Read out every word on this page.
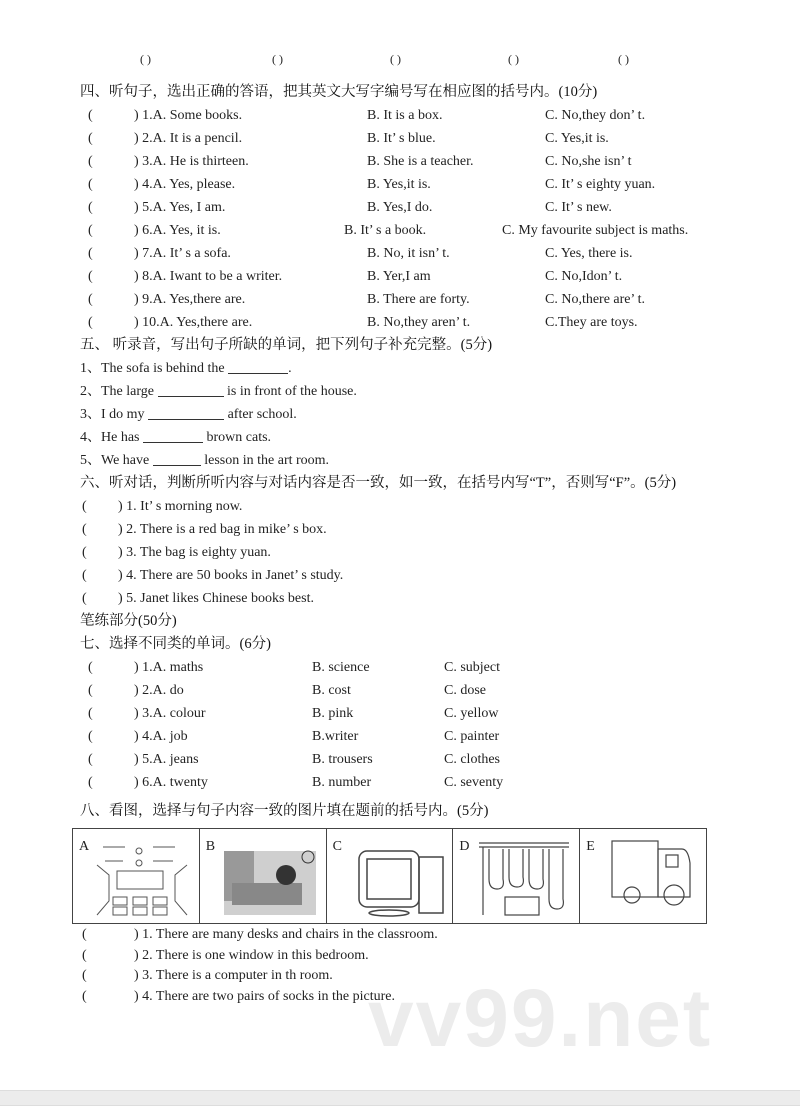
( )	( )	( )	( )	( )
四、听句子，选出正确的答语，把其英文大写字编号写在相应图的括号内。(10分)
(	) 1.A. Some books.	B. It is a box.	C. No,they don’ t.
(	) 2.A. It is a pencil.	B. It’ s blue.	C. Yes,it is.
(	) 3.A. He is thirteen.	B. She is a teacher.	C. No,she isn’ t
(	) 4.A. Yes, please.	B. Yes,it is.	C. It’ s eighty yuan.
(	) 5.A. Yes, I am.	B. Yes,I do.	C. It’ s new.
(	) 6.A. Yes, it is.	B. It’ s a book.	C. My favourite subject is maths.
(	) 7.A. It’ s a sofa.	B. No, it isn’ t.	C. Yes, there is.
(	) 8.A. Iwant to be a writer.	B. Yer,I am	C. No,Idon’ t.
(	) 9.A. Yes,there are.	B. There are forty.	C. No,there are’ t.
(	) 10.A. Yes,there are.	B. No,they aren’ t.	C.They are toys.
五、 听录音，写出句子所缺的单词，把下列句子补充完整。(5分)
1、The sofa is behind the	.
2、The large	is in front of the house.
3、I do my	after school.
4、He has	brown cats.
5、We have	lesson in the art room.
六、听对话，判断所听内容与对话内容是否一致，如一致，在括号内写“T”，否则写“F”。(5分)
( ) 1. It’ s morning now.
( ) 2. There is a red bag in mike’ s box.
( ) 3. The bag is eighty yuan.
( ) 4. There are 50 books in Janet’ s study.
( ) 5. Janet likes Chinese books best.
笔练部分(50分)
七、选择不同类的单词。(6分)
(	) 1.A. maths	B. science	C. subject
(	) 2.A. do	B. cost	C. dose
(	) 3.A. colour	B. pink	C. yellow
(	) 4.A. job	B.writer	C. painter
(	) 5.A. jeans	B. trousers	C. clothes
(	) 6.A. twenty	B. number	C. seventy
八、看图，选择与句子内容一致的图片填在题前的括号内。(5分)
A	B	C	D	E
(	) 1. There are many desks and chairs in the classroom.
(	) 2. There is one window in this bedroom.
(	) 3. There is a computer in th room.
(	) 4. There are two pairs of socks in the picture.
vv99.net
